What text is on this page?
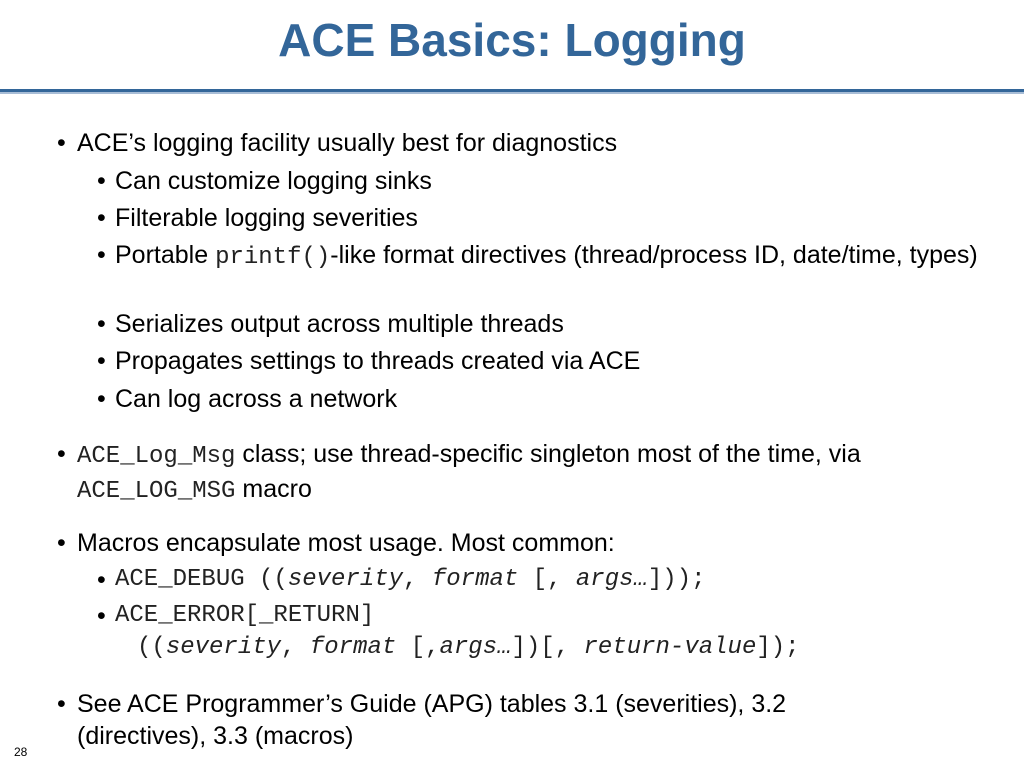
ACE Basics: Logging
• ACE’s logging facility usually best for diagnostics
• Can customize logging sinks
• Filterable logging severities
• Portable printf()-like format directives (thread/process ID, date/time, types)
• Serializes output across multiple threads
• Propagates settings to threads created via ACE
• Can log across a network
• ACE_Log_Msg class; use thread-specific singleton most of the time, via ACE_LOG_MSG macro
• Macros encapsulate most usage. Most common:
• ACE_DEBUG ((severity, format [, args…]));
• ACE_ERROR[_RETURN]
((severity, format [,args…])[, return-value]);
• See ACE Programmer’s Guide (APG) tables 3.1 (severities), 3.2 (directives), 3.3 (macros)
28
